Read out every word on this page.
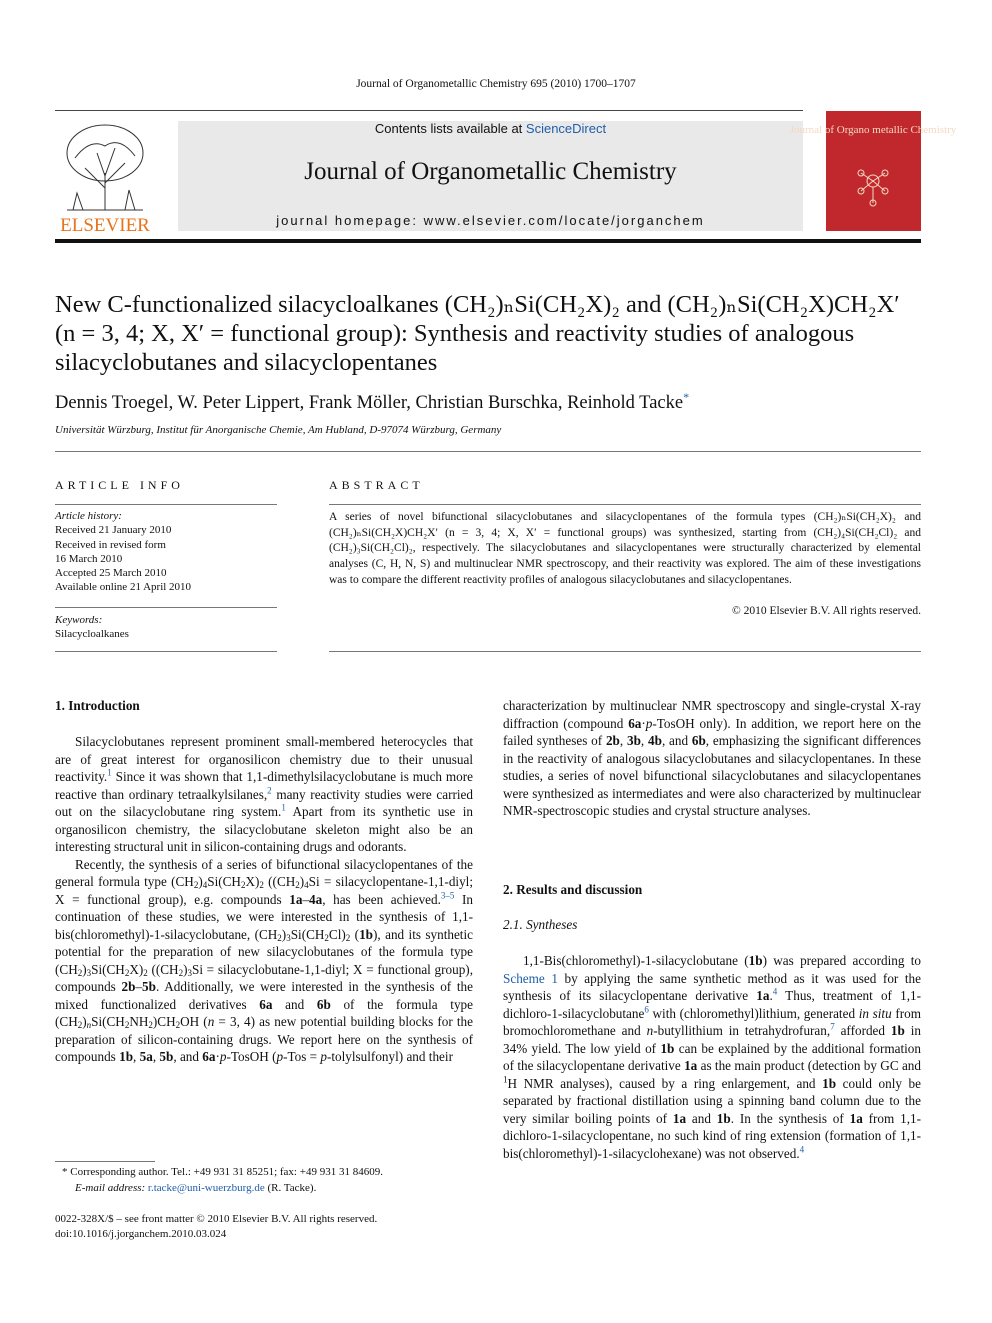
Journal of Organometallic Chemistry 695 (2010) 1700–1707
ELSEVIER
Contents lists available at ScienceDirect
Journal of Organometallic Chemistry
journal homepage: www.elsevier.com/locate/jorganchem
Journal of Organo metallic Chemistry
New C-functionalized silacycloalkanes (CH₂)ₙSi(CH₂X)₂ and (CH₂)ₙSi(CH₂X)CH₂X′
(n = 3, 4; X, X′ = functional group): Synthesis and reactivity studies of analogous
silacyclobutanes and silacyclopentanes
Dennis Troegel, W. Peter Lippert, Frank Möller, Christian Burschka, Reinhold Tacke*
Universität Würzburg, Institut für Anorganische Chemie, Am Hubland, D-97074 Würzburg, Germany
ARTICLE INFO
Article history:
Received 21 January 2010
Received in revised form
16 March 2010
Accepted 25 March 2010
Available online 21 April 2010
Keywords:
Silacycloalkanes
ABSTRACT
A series of novel bifunctional silacyclobutanes and silacyclopentanes of the formula types (CH₂)ₙSi(CH₂X)₂ and (CH₂)ₙSi(CH₂X)CH₂X′ (n = 3, 4; X, X′ = functional groups) was synthesized, starting from (CH₂)₄Si(CH₂Cl)₂ and (CH₂)₃Si(CH₂Cl)₂, respectively. The silacyclobutanes and silacyclopentanes were structurally characterized by elemental analyses (C, H, N, S) and multinuclear NMR spectroscopy, and their reactivity was explored. The aim of these investigations was to compare the different reactivity profiles of analogous silacyclobutanes and silacyclopentanes.
© 2010 Elsevier B.V. All rights reserved.
1. Introduction

Silacyclobutanes represent prominent small-membered heterocycles that are of great interest for organosilicon chemistry due to their unusual reactivity.$^1$ Since it was shown that 1,1-dimethylsilacyclobutane is much more reactive than ordinary tetraalkylsilanes,$^2$ many reactivity studies were carried out on the silacyclobutane ring system.$^1$ Apart from its synthetic use in organosilicon chemistry, the silacyclobutane skeleton might also be an interesting structural unit in silicon-containing drugs and odorants.

Recently, the synthesis of a series of bifunctional silacyclopentanes of the general formula type $(CH_2)_4Si(CH_2X)_2$ ($(CH_2)_4Si$ = silacyclopentane-1,1-diyl; X = functional group), e.g. compounds 1a–4a, has been achieved.$^{3-5}$ In continuation of these studies, we were interested in the synthesis of 1,1-bis(chloromethyl)-1-silacyclobutane, $(CH_2)_3Si(CH_2Cl)_2$ (1b), and its synthetic potential for the preparation of new silacyclobutanes of the formula type $(CH_2)_3Si(CH_2X)_2$ ($(CH_2)_3Si$ = silacyclobutane-1,1-diyl; X = functional group), compounds 2b–5b. Additionally, we were interested in the synthesis of the mixed functionalized derivatives 6a and 6b of the formula type $(CH_2)_nSi(CH_2NH_2)CH_2OH$ (n = 3, 4) as new potential building blocks for the preparation of silicon-containing drugs. We report here on the synthesis of compounds 1b, 5a, 5b, and 6a·p-TosOH (p-Tos = p-tolylsulfonyl) and their

characterization by multinuclear NMR spectroscopy and single-crystal X-ray diffraction (compound 6a·p-TosOH only). In addition, we report here on the failed syntheses of 2b, 3b, 4b, and 6b, emphasizing the significant differences in the reactivity of analogous silacyclobutanes and silacyclopentanes. In these studies, a series of novel bifunctional silacyclobutanes and silacyclopentanes were synthesized as intermediates and were also characterized by multinuclear NMR-spectroscopic studies and crystal structure analyses.

2. Results and discussion
2.1. Syntheses

1,1-Bis(chloromethyl)-1-silacyclobutane (1b) was prepared according to Scheme 1 by applying the same synthetic method as it was used for the synthesis of its silacyclopentane derivative 1a.$^4$ Thus, treatment of 1,1-dichloro-1-silacyclobutane$^6$ with (chloromethyl)lithium, generated in situ from bromochloromethane and n-butyllithium in tetrahydrofuran,$^7$ afforded 1b in 34% yield. The low yield of 1b can be explained by the additional formation of the silacyclopentane derivative 1a as the main product (detection by GC and $^1$H NMR analyses), caused by a ring enlargement, and 1b could only be separated by fractional distillation using a spinning band column due to the very similar boiling points of 1a and 1b. In the synthesis of 1a from 1,1-dichloro-1-silacyclopentane, no such kind of ring extension (formation of 1,1-bis(chloromethyl)-1-silacyclohexane) was not observed.$^4$

* Corresponding author. Tel.: +49 931 31 85251; fax: +49 931 31 84609.
E-mail address: r.tacke@uni-wuerzburg.de (R. Tacke).
0022-328X/$ – see front matter © 2010 Elsevier B.V. All rights reserved.
doi:10.1016/j.jorganchem.2010.03.024
